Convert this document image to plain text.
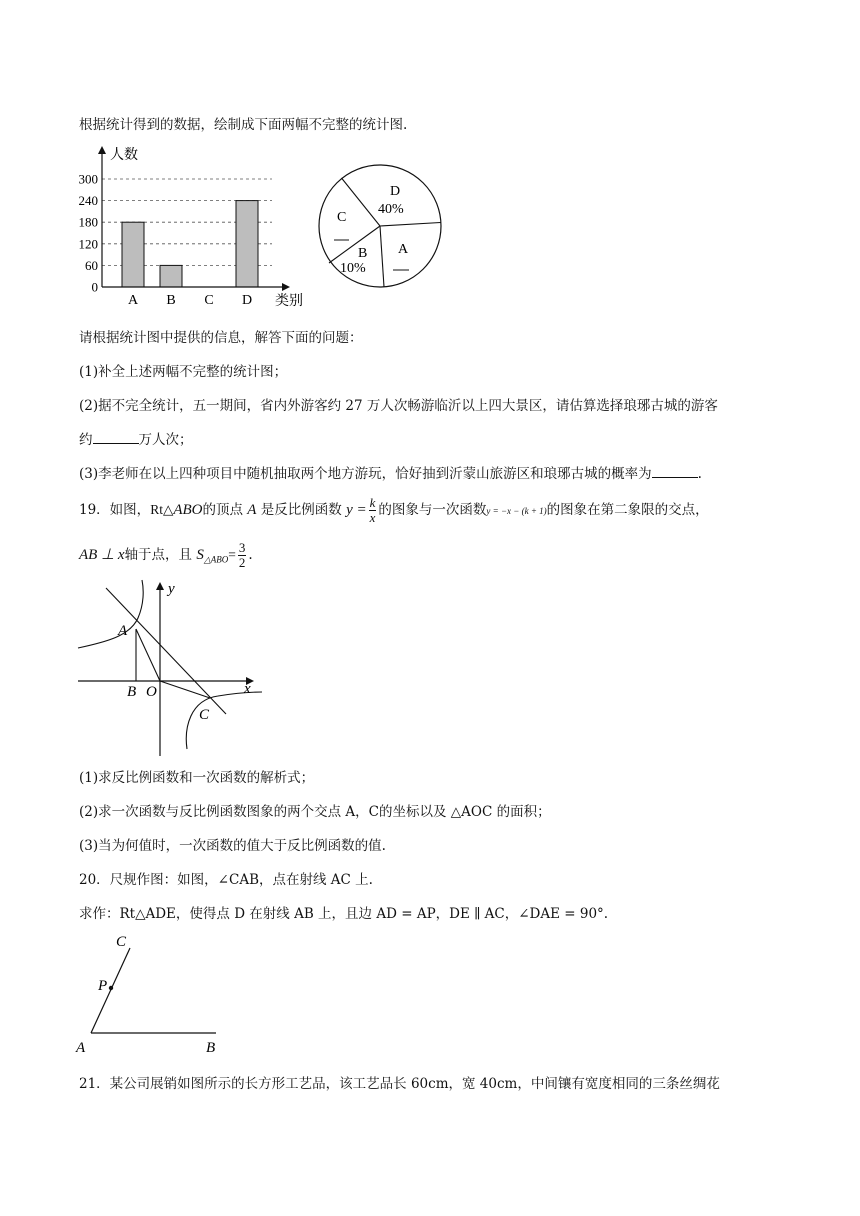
根据统计得到的数据，绘制成下面两幅不完整的统计图.
人数
类别
300
240
180
120
60
0
A B C D
D
40%
C
B
10%
A
请根据统计图中提供的信息，解答下面的问题：
(1)补全上述两幅不完整的统计图；
(2)据不完全统计，五一期间，省内外游客约 27 万人次畅游临沂以上四大景区，请估算选择琅琊古城的游客
约	万人次；
(3)李老师在以上四种项目中随机抽取两个地方游玩，恰好抽到沂蒙山旅游区和琅琊古城的概率为	.
19．如图，Rt△ABO的顶点 A 是反比例函数 $y = \frac{k}{x}$ 的图象与一次函数y = −x − (k + 1)的图象在第二象限的交点，
AB ⊥ x轴于点，且 $S_{\triangle ABO}= \frac{3}{2}$ .
A
B O
C
x
y
(1)求反比例函数和一次函数的解析式；
(2)求一次函数与反比例函数图象的两个交点 A，C的坐标以及 △AOC 的面积；
(3)当为何值时，一次函数的值大于反比例函数的值.
20．尺规作图：如图，∠CAB，点在射线 AC 上.
求作：Rt△ADE，使得点 D 在射线 AB 上，且边 AD = AP，DE ∥ AC，∠DAE = 90°.
C
P
A	B
21．某公司展销如图所示的长方形工艺品，该工艺品长 60cm，宽 40cm，中间镶有宽度相同的三条丝绸花
